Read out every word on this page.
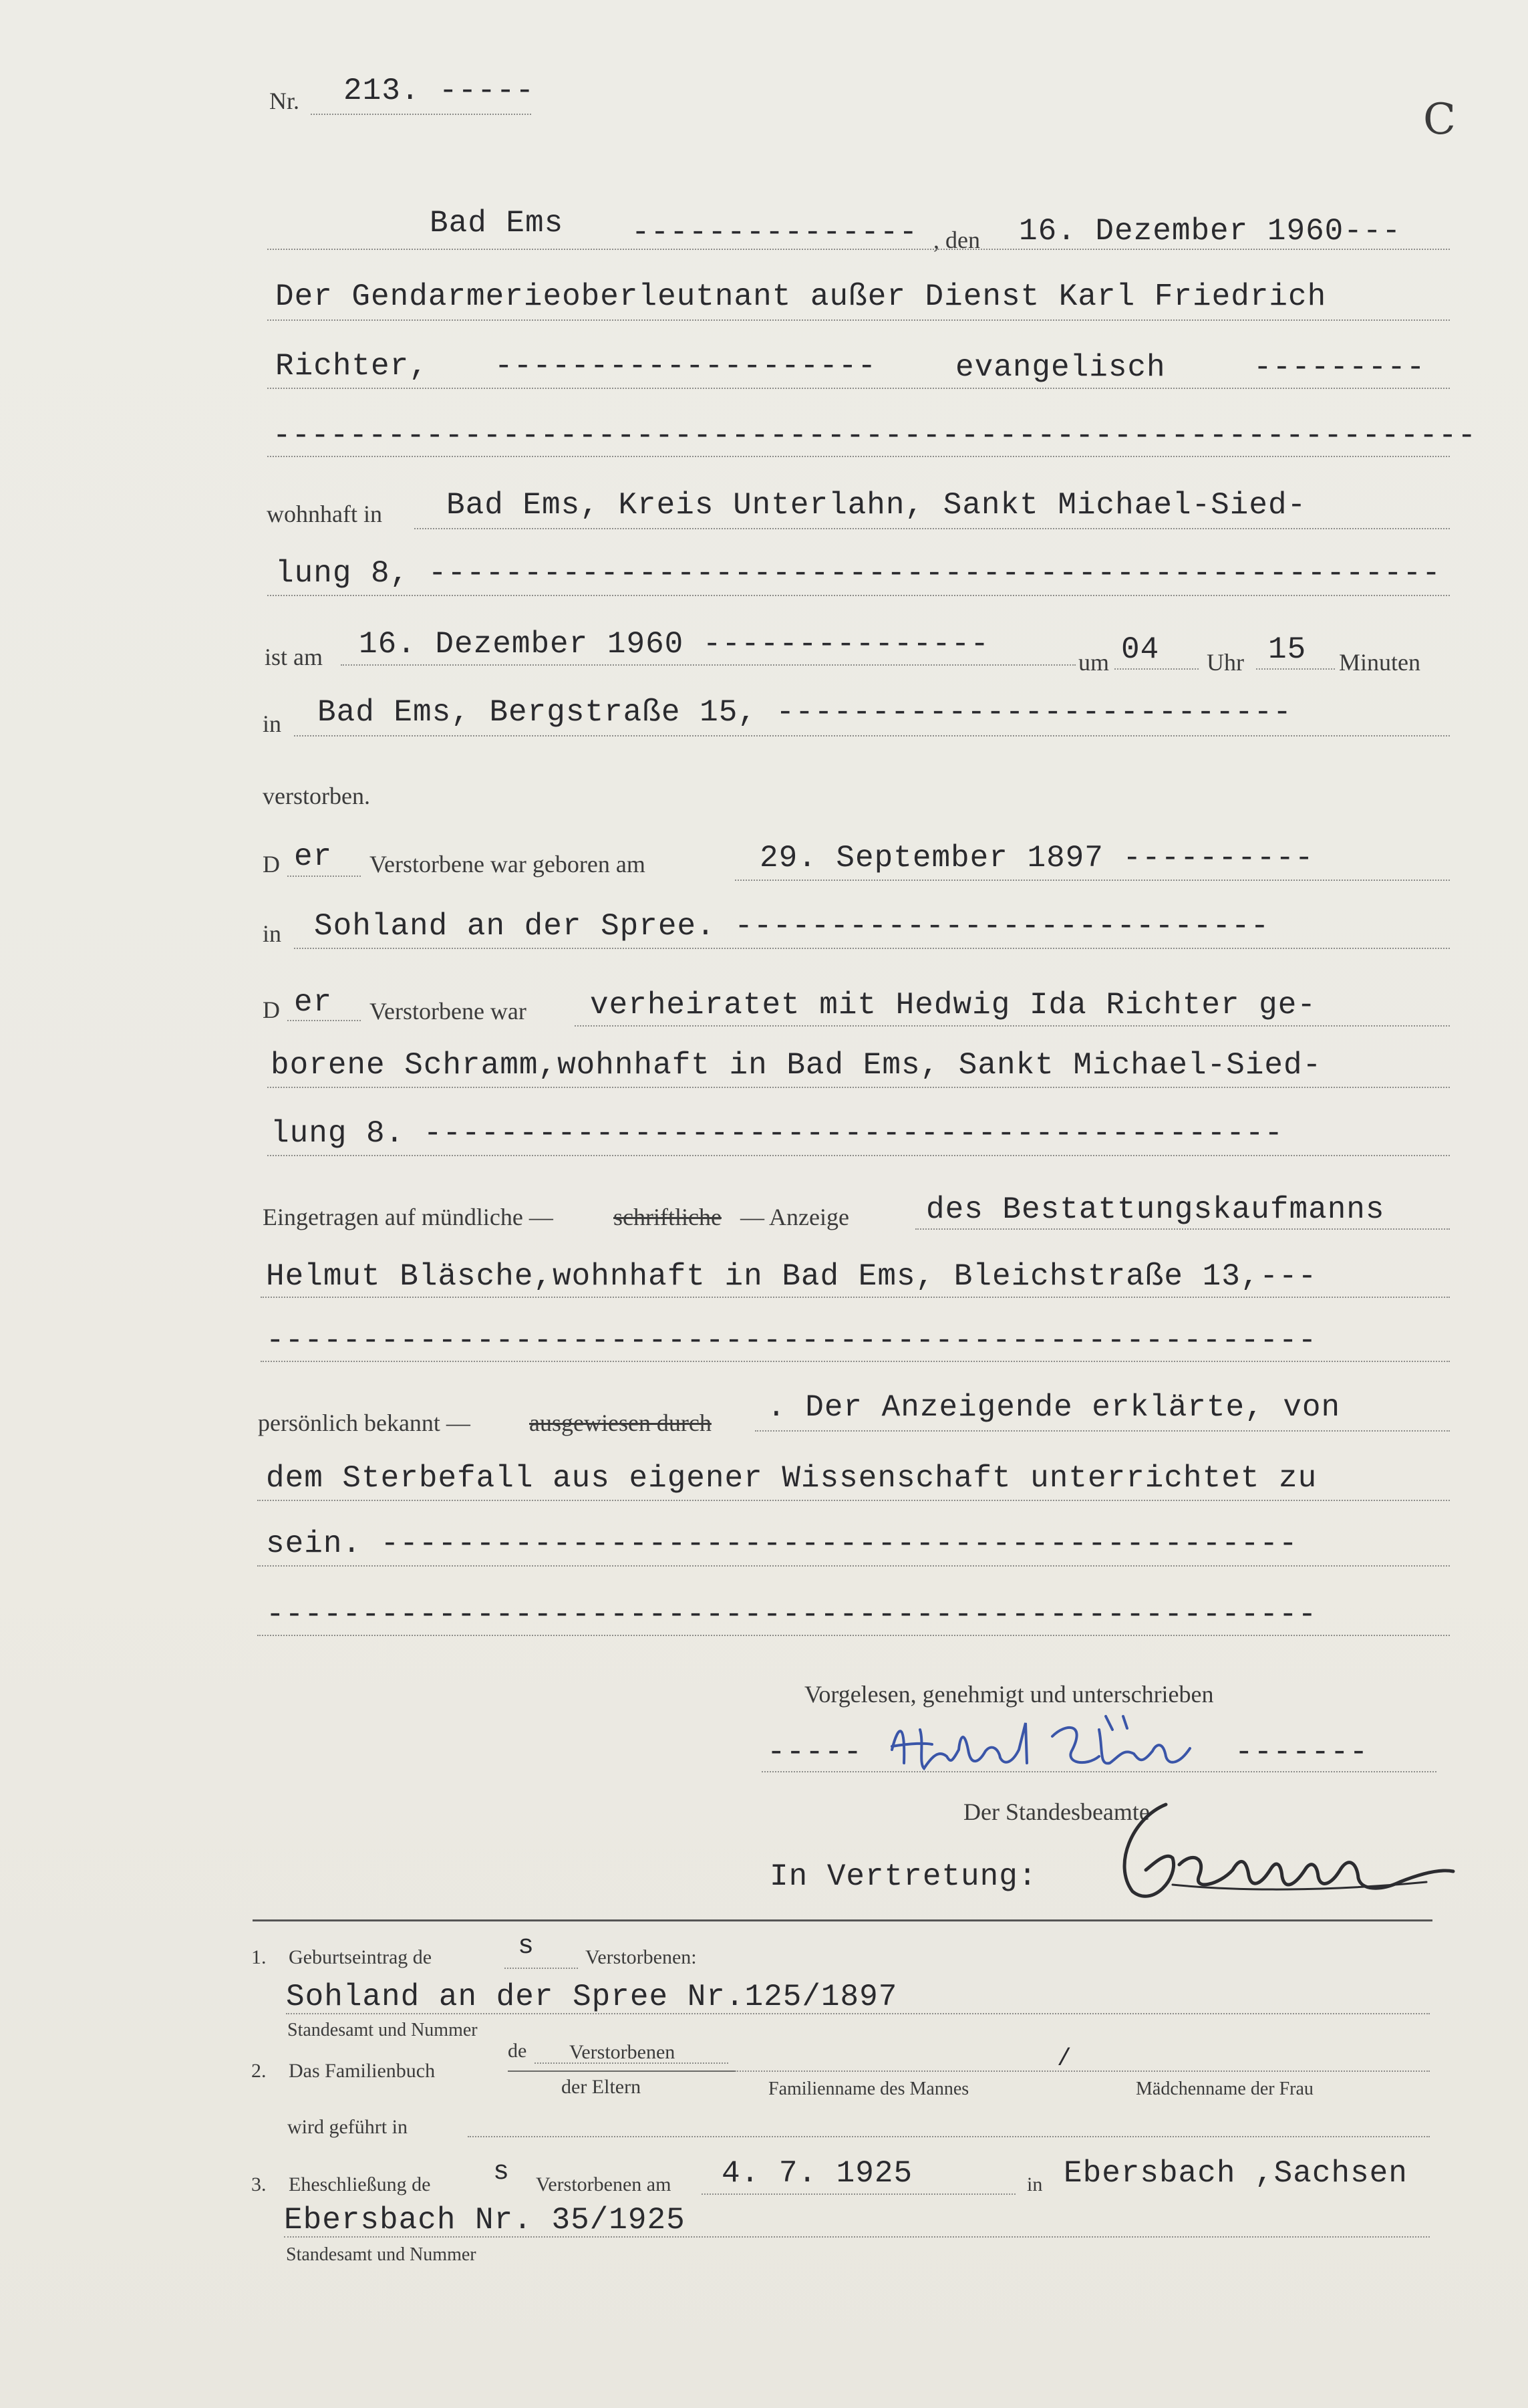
C
Nr. 213. -----
Bad Ems --------------- , den 16. Dezember 1960---
Der Gendarmerieoberleutnant außer Dienst Karl Friedrich
Richter, --------------------	evangelisch	---------
---------------------------------------------------------------
wohnhaft in Bad Ems, Kreis Unterlahn, Sankt Michael-Sied-
lung 8, -----------------------------------------------------
ist am 16. Dezember 1960 ---------------
um 04 Uhr 15 Minuten
in Bad Ems, Bergstraße 15, ---------------------------
verstorben.
D er Verstorbene war geboren am	29. September 1897 ----------
in Sohland an der Spree. ----------------------------
D er Verstorbene war verheiratet mit Hedwig Ida Richter ge-
borene Schramm,wohnhaft in Bad Ems, Sankt Michael-Sied-
lung 8. ---------------------------------------------
Eingetragen auf mündliche —	schriftliche — Anzeige	des Bestattungskaufmanns
Helmut Bläsche,wohnhaft in Bad Ems, Bleichstraße 13,---
-------------------------------------------------------
persönlich bekannt — ausgewiesen durch . Der Anzeigende erklärte, von
dem Sterbefall aus eigener Wissenschaft unterrichtet zu
sein. ------------------------------------------------
-------------------------------------------------------
Vorgelesen, genehmigt und unterschrieben
-----	-------
Der Standesbeamte
In Vertretung:
1. Geburtseintrag de	s	Verstorbenen:
Sohland an der Spree Nr.125/1897
Standesamt und Nummer
2. Das Familienbuch
de Verstorbenen
der Eltern
/
Familienname des Mannes	Mädchenname der Frau
wird geführt in
3. Eheschließung de s Verstorbenen am 4. 7. 1925	in Ebersbach ,Sachsen
Ebersbach Nr. 35/1925
Standesamt und Nummer
